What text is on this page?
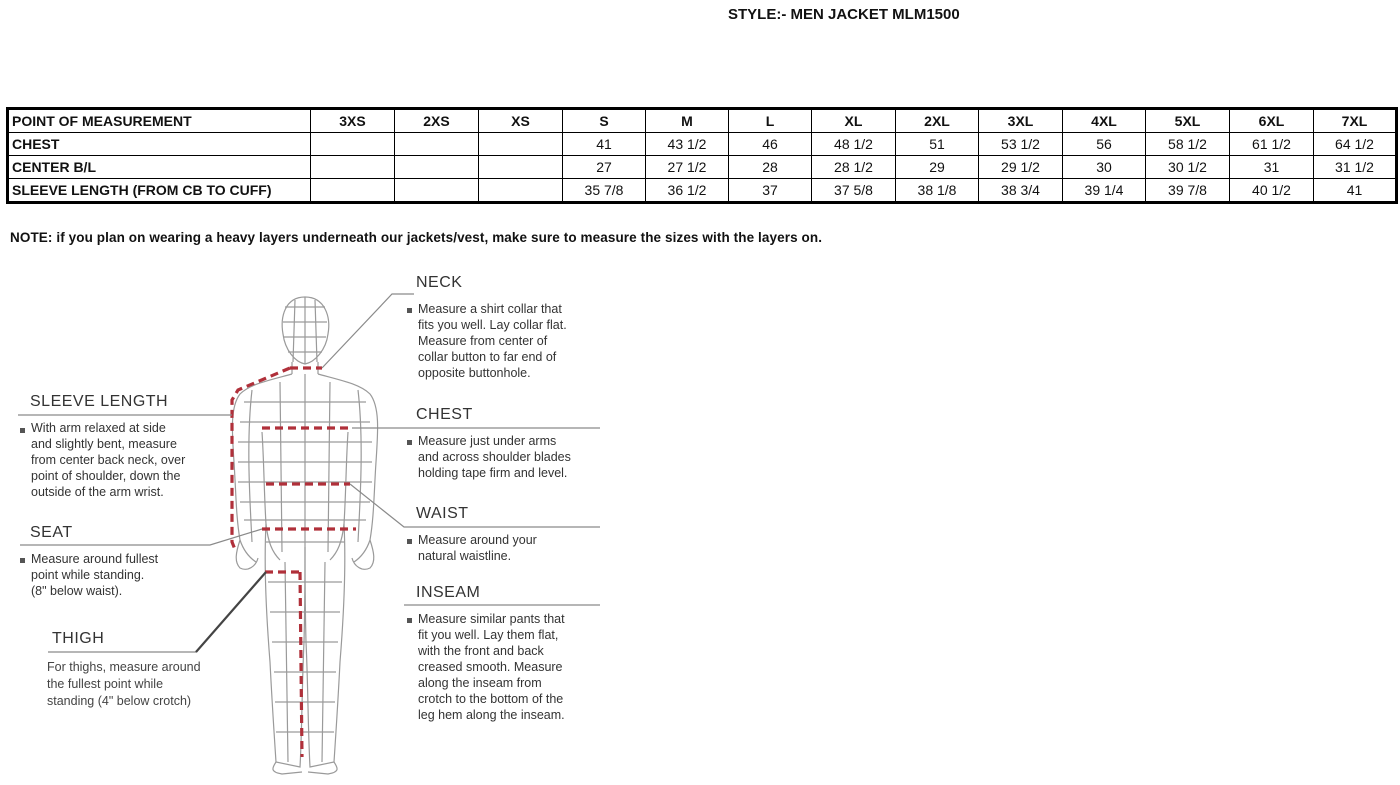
STYLE:- MEN JACKET MLM1500
POINT OF MEASUREMENT	3XS	2XS	XS	S	M	L	XL	2XL	3XL	4XL	5XL	6XL	7XL
CHEST				41	43 1/2	46	48 1/2	51	53 1/2	56	58 1/2	61 1/2	64 1/2
CENTER B/L				27	27 1/2	28	28 1/2	29	29 1/2	30	30 1/2	31	31 1/2
SLEEVE LENGTH (FROM CB TO CUFF)				35 7/8	36 1/2	37	37 5/8	38 1/8	38 3/4	39 1/4	39 7/8	40 1/2	41
NOTE: if you plan on wearing a heavy layers underneath our jackets/vest, make sure to measure the sizes with the layers on.
NECK
Measure a shirt collar that
fits you well. Lay collar flat.
Measure from center of
collar button to far end of
opposite buttonhole.
SLEEVE LENGTH
With arm relaxed at side
and slightly bent, measure
from center back neck, over
point of shoulder, down the
outside of the arm wrist.
CHEST
Measure just under arms
and across shoulder blades
holding tape firm and level.
WAIST
Measure around your
natural waistline.
SEAT
Measure around fullest
point while standing.
(8" below waist).	INSEAM
Measure similar pants that
fit you well. Lay them flat,
with the front and back
creased smooth. Measure
along the inseam from
crotch to the bottom of the
leg hem along the inseam.
THIGH
For thighs, measure around
the fullest point while
standing (4" below crotch)
